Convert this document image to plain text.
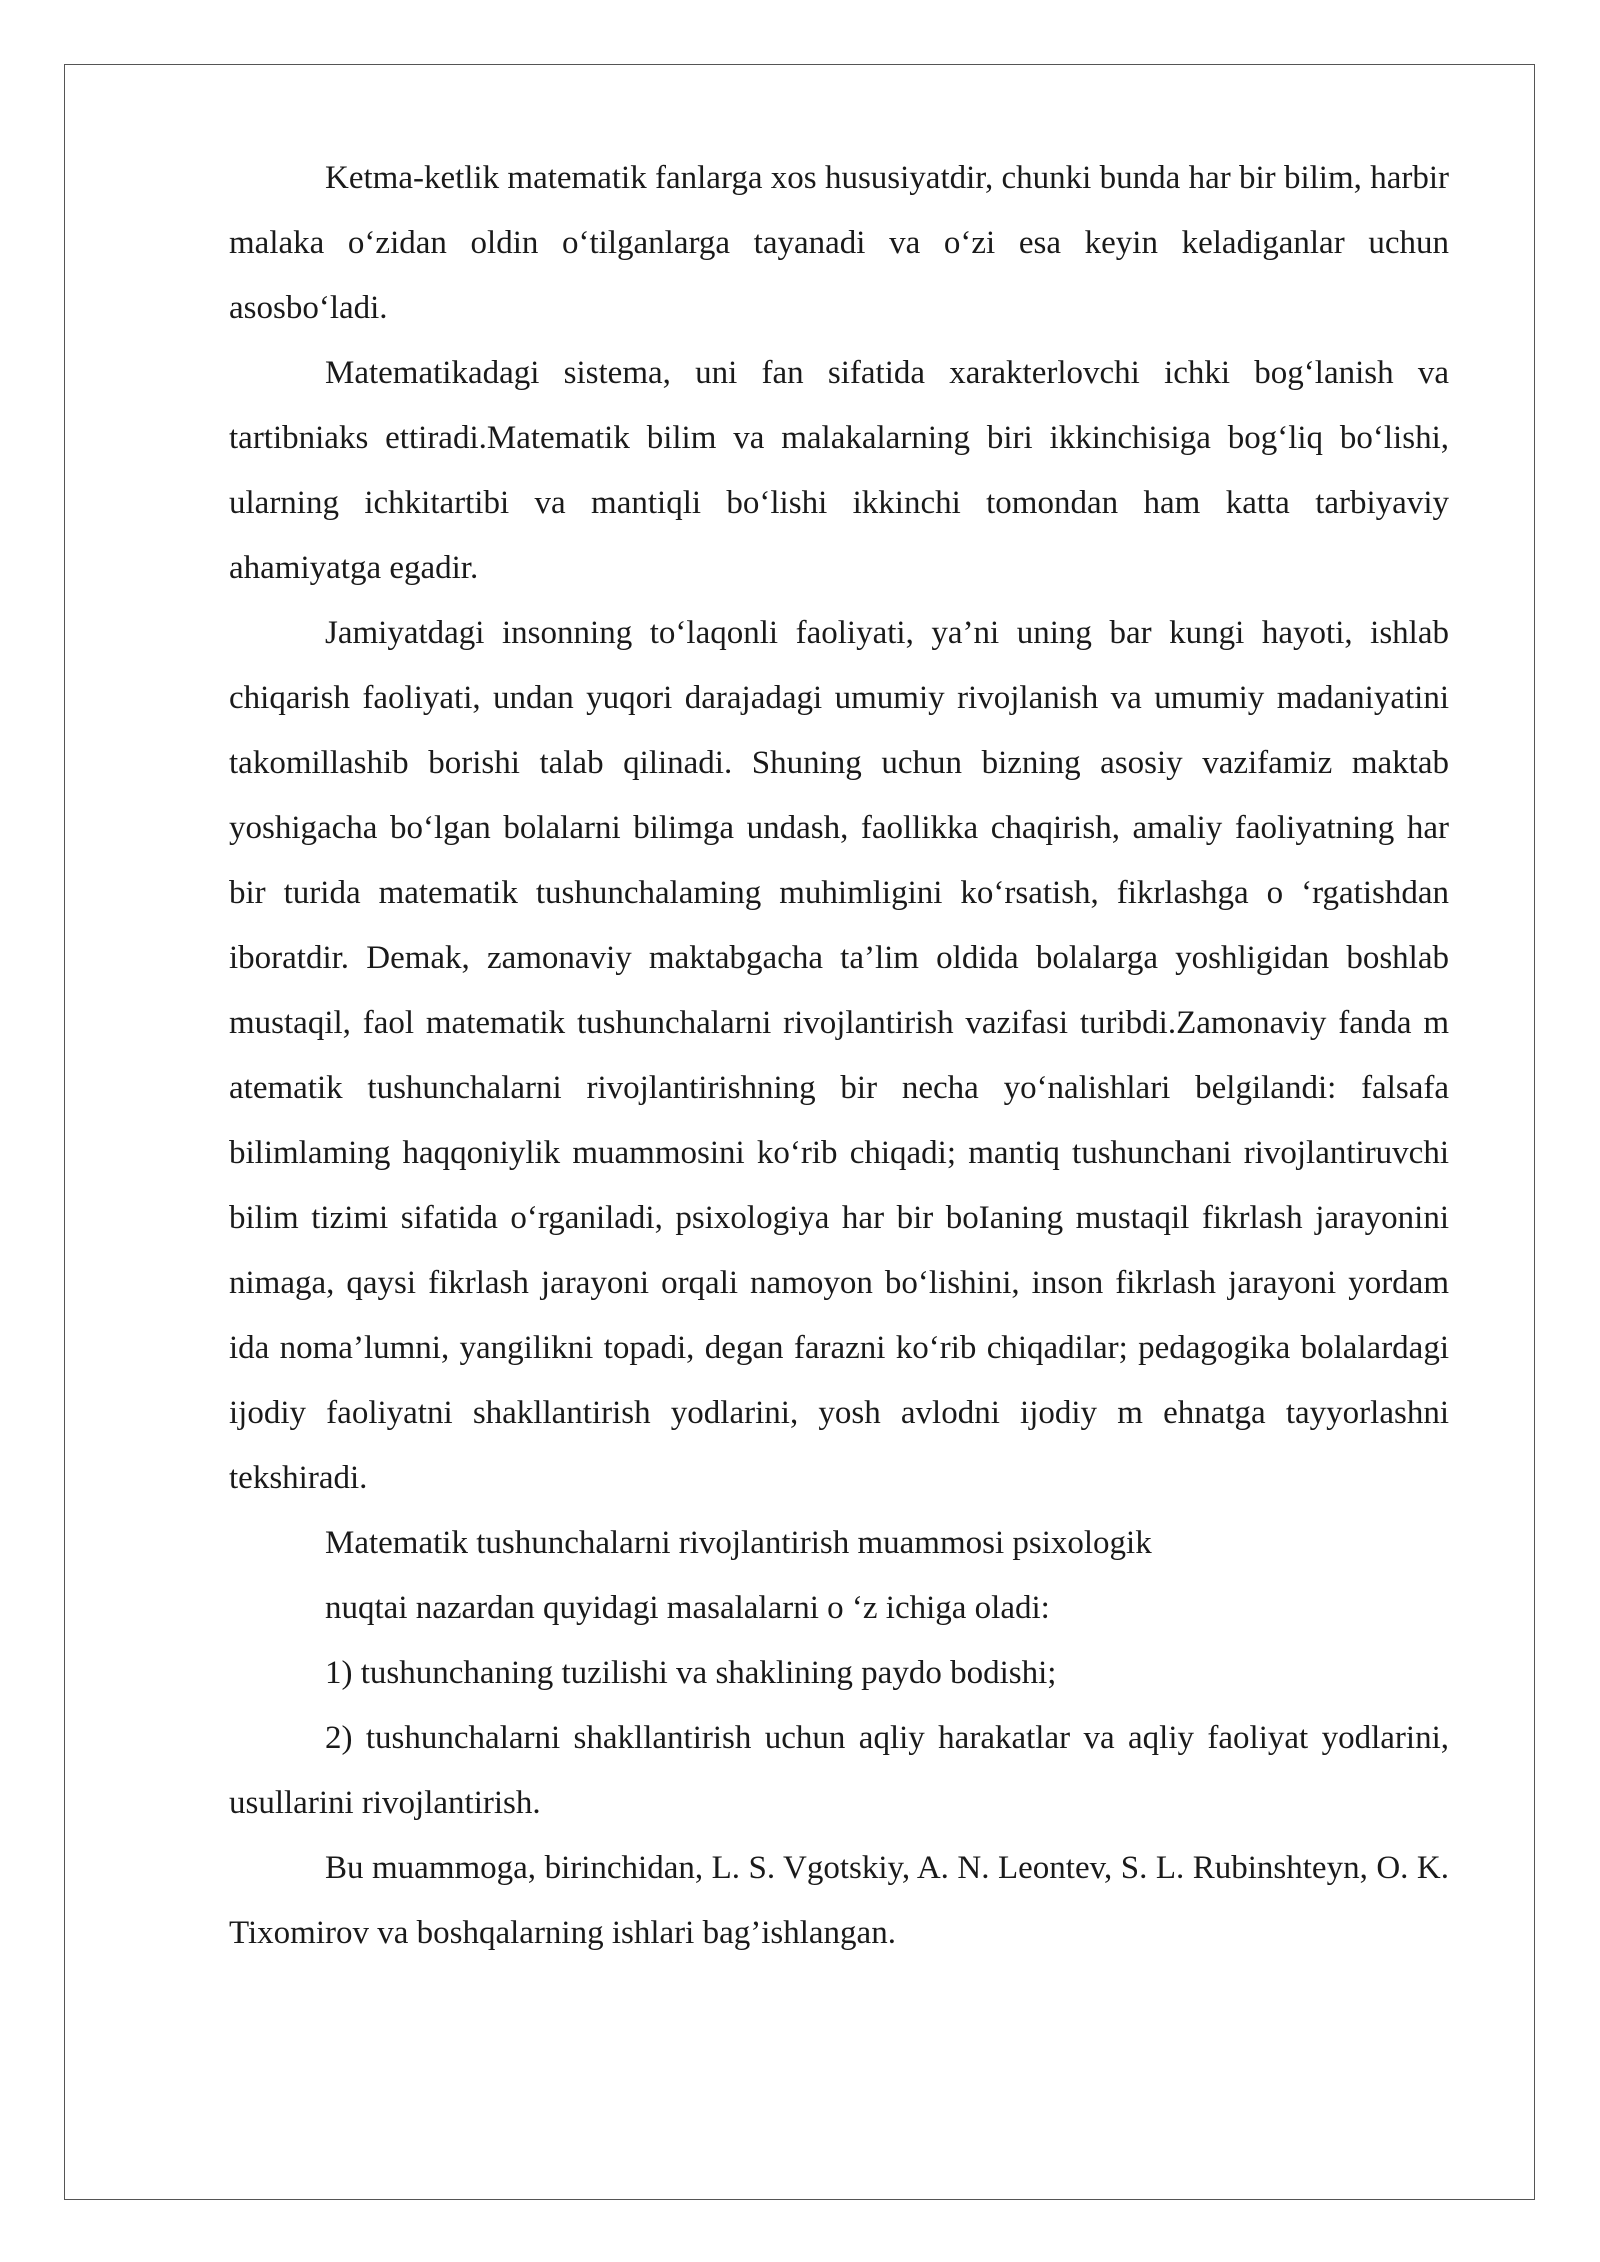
Ketma-ketlik matematik fanlarga xos hususiyatdir, chunki bunda har bir bilim, harbir malaka o‘zidan oldin o‘tilganlarga tayanadi va o‘zi esa keyin keladiganlar uchun asosbo‘ladi.

Matematikadagi sistema, uni fan sifatida xarakterlovchi ichki bog‘lanish va tartibniaks ettiradi.Matematik bilim va malakalarning biri ikkinchisiga bog‘liq bo‘lishi, ularning ichkitartibi va mantiqli bo‘lishi ikkinchi tomondan ham katta tarbiyaviy ahamiyatga egadir.

Jamiyatdagi insonning to‘laqonli faoliyati, ya’ni uning bar kungi hayoti, ishlab chiqarish faoliyati, undan yuqori darajadagi umumiy rivojlanish va umumiy madaniyatini takomillashib borishi talab qilinadi. Shuning uchun bizning asosiy vazifamiz maktab yoshigacha bo‘lgan bolalarni bilimga undash, faollikka chaqirish, amaliy faoliyatning har bir turida matematik tushunchalaming muhimligini ko‘rsatish, fikrlashga o ‘rgatishdan iboratdir. Demak, zamonaviy maktabgacha ta’lim oldida bolalarga yoshligidan boshlab mustaqil, faol matematik tushunchalarni rivojlantirish vazifasi turibdi.Zamonaviy fanda m atematik tushunchalarni rivojlantirishning bir necha yo‘nalishlari belgilandi: falsafa bilimlaming haqqoniylik muammosini ko‘rib chiqadi; mantiq tushunchani rivojlantiruvchi bilim tizimi sifatida o‘rganiladi, psixologiya har bir boIaning mustaqil fikrlash jarayonini nimaga, qaysi fikrlash jarayoni orqali namoyon bo‘lishini, inson fikrlash jarayoni yordam ida noma’lumni, yangilikni topadi, degan farazni ko‘rib chiqadilar; pedagogika bolalardagi ijodiy faoliyatni shakllantirish yodlarini, yosh avlodni ijodiy m ehnatga tayyorlashni tekshiradi.

Matematik tushunchalarni rivojlantirish muammosi psixologik

nuqtai nazardan quyidagi masalalarni o ‘z ichiga oladi:

1) tushunchaning tuzilishi va shaklining paydo bodishi;

2) tushunchalarni shakllantirish uchun aqliy harakatlar va aqliy faoliyat yodlarini, usullarini rivojlantirish.

Bu muammoga, birinchidan, L. S. Vgotskiy, A. N. Leontev, S. L. Rubinshteyn, O. K. Tixomirov va boshqalarning ishlari bag’ishlangan.
